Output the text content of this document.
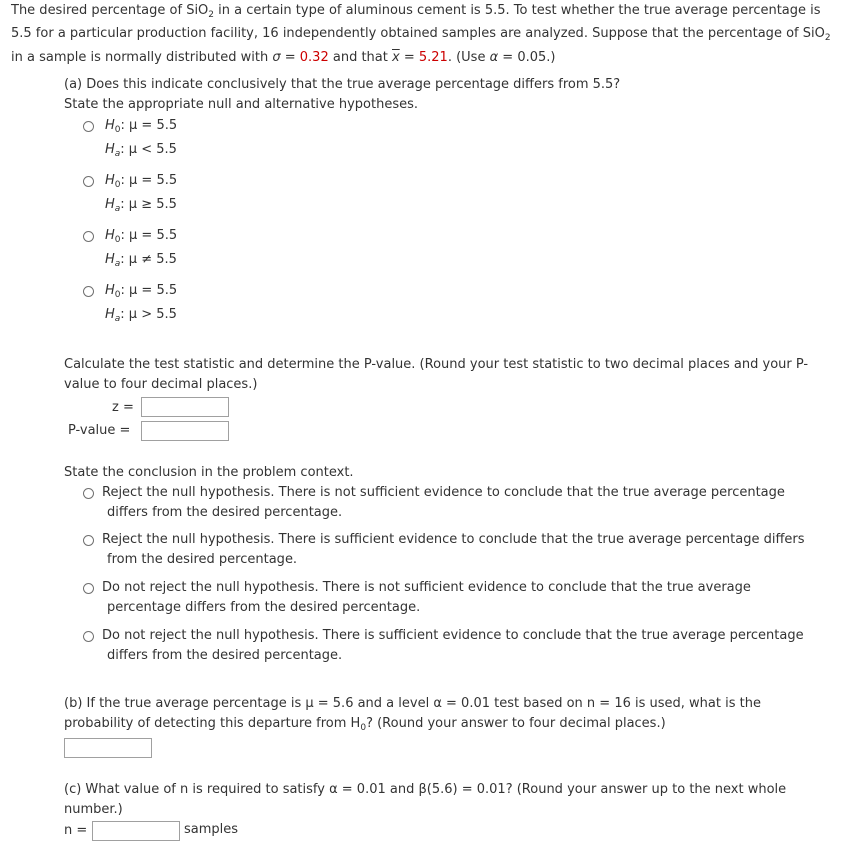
The desired percentage of SiO$_2$ in a certain type of aluminous cement is 5.5. To test whether the true average percentage is
5.5 for a particular production facility, 16 independently obtained samples are analyzed. Suppose that the percentage of SiO$_2$
in a sample is normally distributed with σ = 0.32 and that $\overline{x} = 5.21$. (Use α = 0.05.)
(a) Does this indicate conclusively that the true average percentage differs from 5.5?
State the appropriate null and alternative hypotheses.
$H_0$: μ = 5.5
$H_a$: μ < 5.5
$H_0$: μ = 5.5
$H_a$: μ ≥ 5.5
$H_0$: μ = 5.5
$H_a$: μ ≠ 5.5
$H_0$: μ = 5.5
$H_a$: μ > 5.5
Calculate the test statistic and determine the P-value. (Round your test statistic to two decimal places and your P-
value to four decimal places.)
z =
P-value =
State the conclusion in the problem context.
Reject the null hypothesis. There is not sufficient evidence to conclude that the true average percentage
differs from the desired percentage.
Reject the null hypothesis. There is sufficient evidence to conclude that the true average percentage differs
from the desired percentage.
Do not reject the null hypothesis. There is not sufficient evidence to conclude that the true average
percentage differs from the desired percentage.
Do not reject the null hypothesis. There is sufficient evidence to conclude that the true average percentage
differs from the desired percentage.
(b) If the true average percentage is μ = 5.6 and a level α = 0.01 test based on n = 16 is used, what is the
probability of detecting this departure from $H_0$? (Round your answer to four decimal places.)
(c) What value of n is required to satisfy α = 0.01 and β(5.6) = 0.01? (Round your answer up to the next whole
number.)
n =	samples
